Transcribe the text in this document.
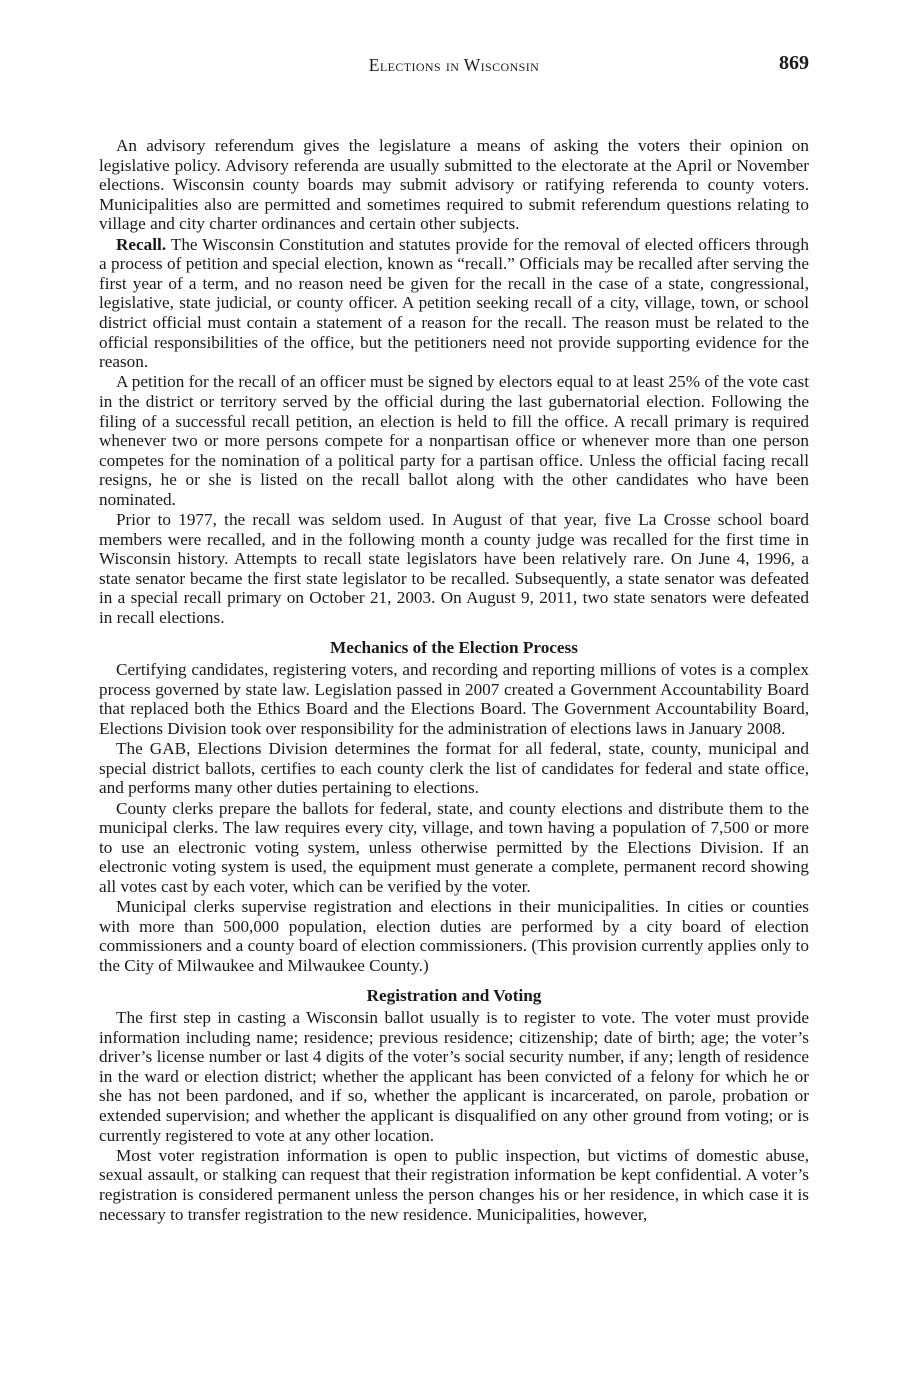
Elections in Wisconsin	869

An advisory referendum gives the legislature a means of asking the voters their opinion on legislative policy. Advisory referenda are usually submitted to the electorate at the April or November elections. Wisconsin county boards may submit advisory or ratifying referenda to county voters. Municipalities also are permitted and sometimes required to submit referendum questions relating to village and city charter ordinances and certain other subjects.

Recall. The Wisconsin Constitution and statutes provide for the removal of elected officers through a process of petition and special election, known as “recall.” Officials may be recalled after serving the first year of a term, and no reason need be given for the recall in the case of a state, congressional, legislative, state judicial, or county officer. A petition seeking recall of a city, village, town, or school district official must contain a statement of a reason for the recall. The reason must be related to the official responsibilities of the office, but the petitioners need not provide supporting evidence for the reason.

A petition for the recall of an officer must be signed by electors equal to at least 25% of the vote cast in the district or territory served by the official during the last gubernatorial election. Following the filing of a successful recall petition, an election is held to fill the office. A recall primary is required whenever two or more persons compete for a nonpartisan office or whenever more than one person competes for the nomination of a political party for a partisan office. Unless the official facing recall resigns, he or she is listed on the recall ballot along with the other candidates who have been nominated.

Prior to 1977, the recall was seldom used. In August of that year, five La Crosse school board members were recalled, and in the following month a county judge was recalled for the first time in Wisconsin history. Attempts to recall state legislators have been relatively rare. On June 4, 1996, a state senator became the first state legislator to be recalled. Subsequently, a state senator was defeated in a special recall primary on October 21, 2003. On August 9, 2011, two state senators were defeated in recall elections.

Mechanics of the Election Process

Certifying candidates, registering voters, and recording and reporting millions of votes is a complex process governed by state law. Legislation passed in 2007 created a Government Accountability Board that replaced both the Ethics Board and the Elections Board. The Government Accountability Board, Elections Division took over responsibility for the administration of elections laws in January 2008.

The GAB, Elections Division determines the format for all federal, state, county, municipal and special district ballots, certifies to each county clerk the list of candidates for federal and state office, and performs many other duties pertaining to elections.

County clerks prepare the ballots for federal, state, and county elections and distribute them to the municipal clerks. The law requires every city, village, and town having a population of 7,500 or more to use an electronic voting system, unless otherwise permitted by the Elections Division. If an electronic voting system is used, the equipment must generate a complete, permanent record showing all votes cast by each voter, which can be verified by the voter.

Municipal clerks supervise registration and elections in their municipalities. In cities or counties with more than 500,000 population, election duties are performed by a city board of election commissioners and a county board of election commissioners. (This provision currently applies only to the City of Milwaukee and Milwaukee County.)

Registration and Voting

The first step in casting a Wisconsin ballot usually is to register to vote. The voter must provide information including name; residence; previous residence; citizenship; date of birth; age; the voter’s driver’s license number or last 4 digits of the voter’s social security number, if any; length of residence in the ward or election district; whether the applicant has been convicted of a felony for which he or she has not been pardoned, and if so, whether the applicant is incarcerated, on parole, probation or extended supervision; and whether the applicant is disqualified on any other ground from voting; or is currently registered to vote at any other location.

Most voter registration information is open to public inspection, but victims of domestic abuse, sexual assault, or stalking can request that their registration information be kept confidential. A voter’s registration is considered permanent unless the person changes his or her residence, in which case it is necessary to transfer registration to the new residence. Municipalities, however,
